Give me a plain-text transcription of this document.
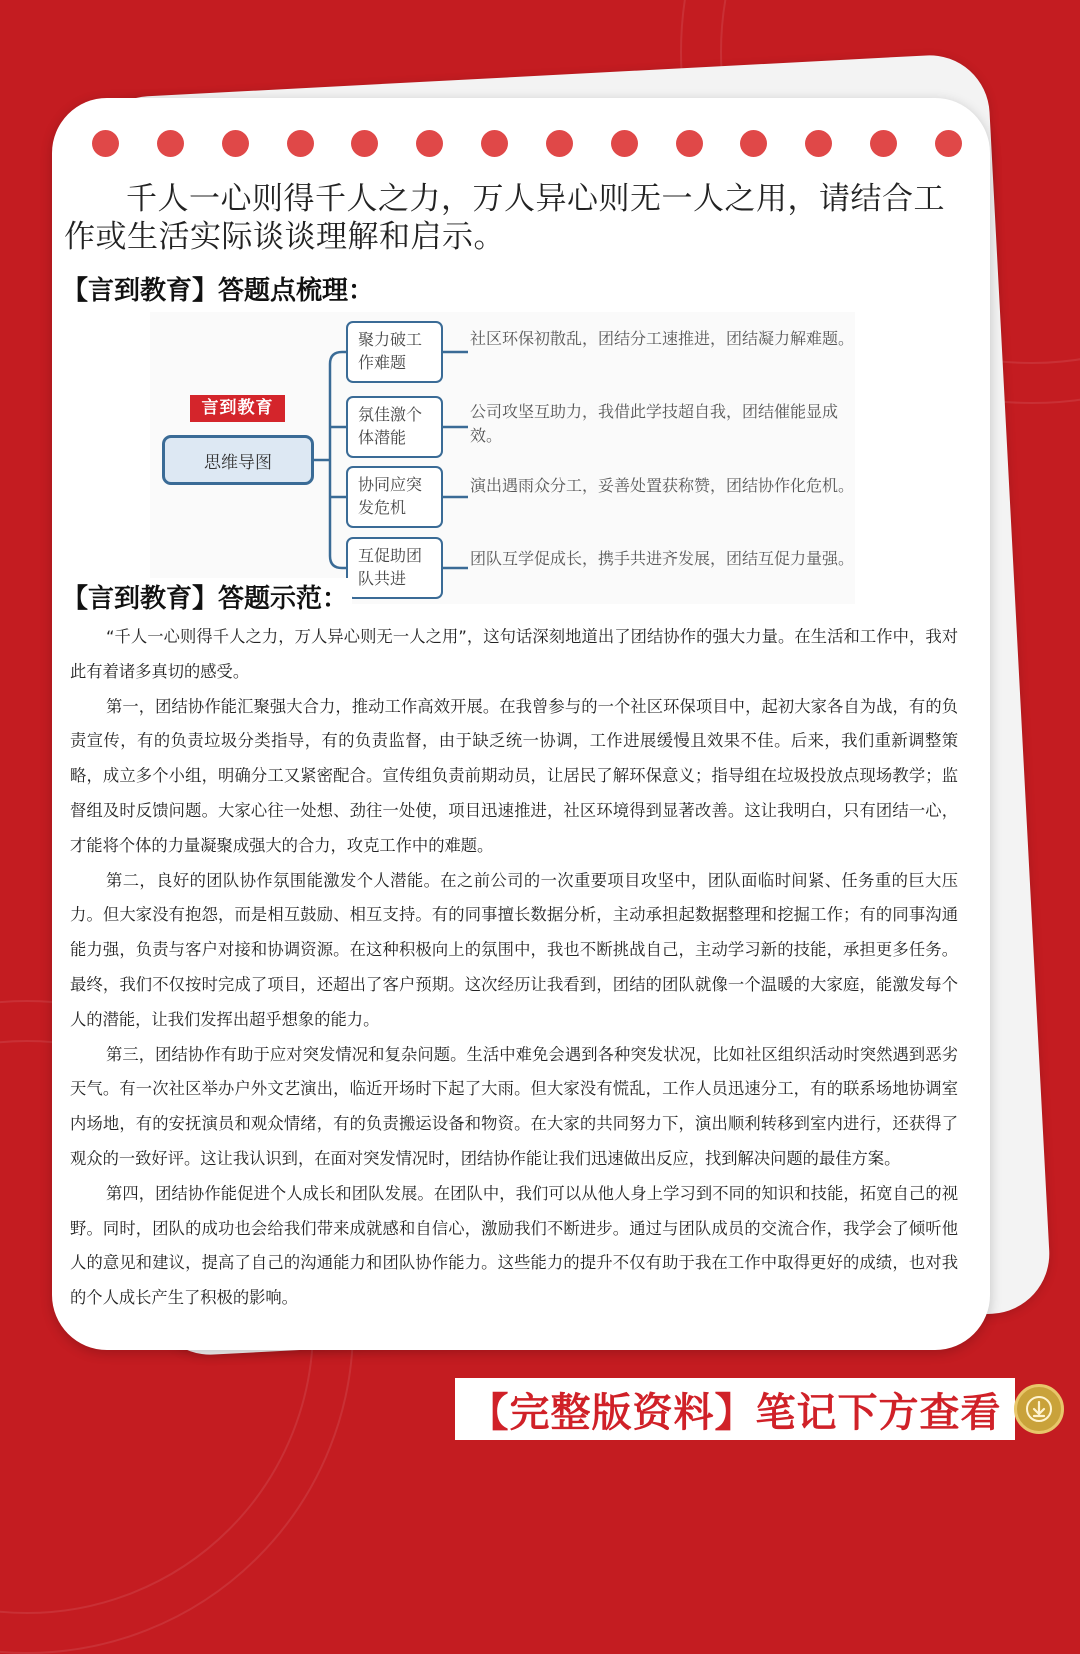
千人一心则得千人之力，万人异心则无一人之用，请结合工作或生活实际谈谈理解和启示。
【言到教育】答题点梳理：
言到教育
思维导图
聚力破工作难题
社区环保初散乱，团结分工速推进，团结凝力解难题。
氛佳激个体潜能
公司攻坚互助力，我借此学技超自我，团结催能显成效。
协同应突发危机
演出遇雨众分工，妥善处置获称赞，团结协作化危机。
互促助团队共进
团队互学促成长，携手共进齐发展，团结互促力量强。
【言到教育】答题示范：

“千人一心则得千人之力，万人异心则无一人之用”，这句话深刻地道出了团结协作的强大力量。在生活和工作中，我对此有着诸多真切的感受。

第一，团结协作能汇聚强大合力，推动工作高效开展。在我曾参与的一个社区环保项目中，起初大家各自为战，有的负责宣传，有的负责垃圾分类指导，有的负责监督，由于缺乏统一协调，工作进展缓慢且效果不佳。后来，我们重新调整策略，成立多个小组，明确分工又紧密配合。宣传组负责前期动员，让居民了解环保意义；指导组在垃圾投放点现场教学；监督组及时反馈问题。大家心往一处想、劲往一处使，项目迅速推进，社区环境得到显著改善。这让我明白，只有团结一心，才能将个体的力量凝聚成强大的合力，攻克工作中的难题。

第二，良好的团队协作氛围能激发个人潜能。在之前公司的一次重要项目攻坚中，团队面临时间紧、任务重的巨大压力。但大家没有抱怨，而是相互鼓励、相互支持。有的同事擅长数据分析，主动承担起数据整理和挖掘工作；有的同事沟通能力强，负责与客户对接和协调资源。在这种积极向上的氛围中，我也不断挑战自己，主动学习新的技能，承担更多任务。最终，我们不仅按时完成了项目，还超出了客户预期。这次经历让我看到，团结的团队就像一个温暖的大家庭，能激发每个人的潜能，让我们发挥出超乎想象的能力。

第三，团结协作有助于应对突发情况和复杂问题。生活中难免会遇到各种突发状况，比如社区组织活动时突然遇到恶劣天气。有一次社区举办户外文艺演出，临近开场时下起了大雨。但大家没有慌乱，工作人员迅速分工，有的联系场地协调室内场地，有的安抚演员和观众情绪，有的负责搬运设备和物资。在大家的共同努力下，演出顺利转移到室内进行，还获得了观众的一致好评。这让我认识到，在面对突发情况时，团结协作能让我们迅速做出反应，找到解决问题的最佳方案。

第四，团结协作能促进个人成长和团队发展。在团队中，我们可以从他人身上学习到不同的知识和技能，拓宽自己的视野。同时，团队的成功也会给我们带来成就感和自信心，激励我们不断进步。通过与团队成员的交流合作，我学会了倾听他人的意见和建议，提高了自己的沟通能力和团队协作能力。这些能力的提升不仅有助于我在工作中取得更好的成绩，也对我的个人成长产生了积极的影响。

【完整版资料】笔记下方查看
